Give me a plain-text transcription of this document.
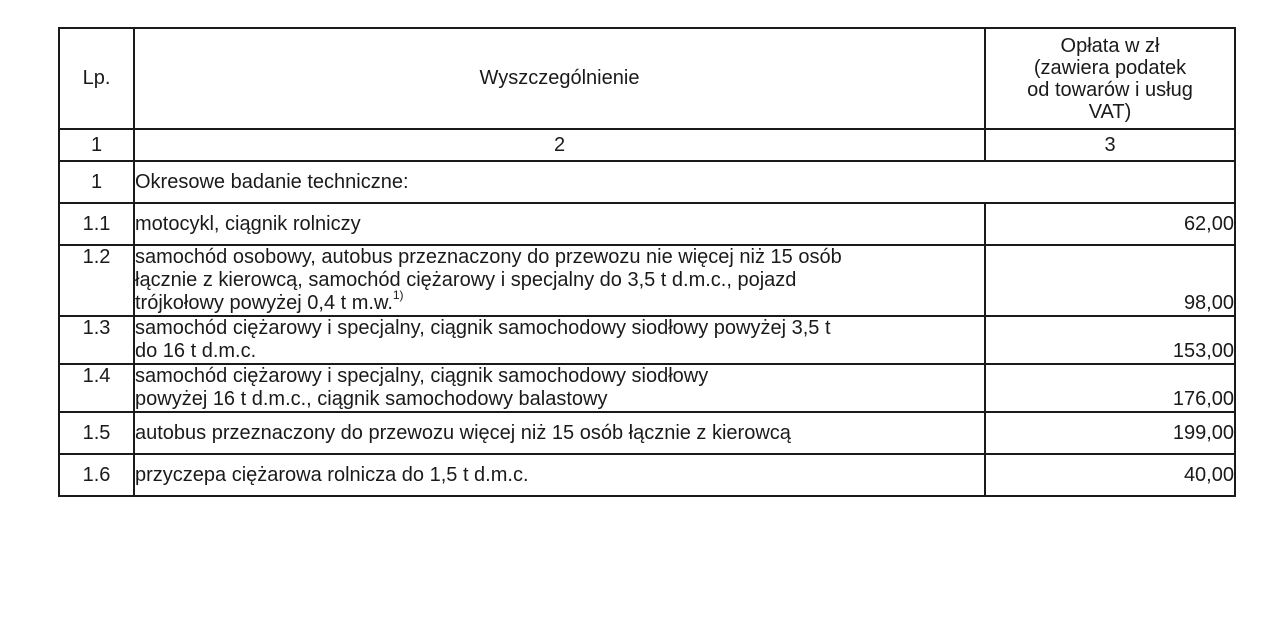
Lp.	Wyszczególnienie	Opłata w zł
(zawiera podatek
od towarów i usług
VAT)

1	2	3
1	Okresowe badanie techniczne:	
1.1	motocykl, ciągnik rolniczy	62,00
1.2	samochód osobowy, autobus przeznaczony do przewozu nie więcej niż 15 osób
łącznie z kierowcą, samochód ciężarowy i specjalny do 3,5 t d.m.c., pojazd
trójkołowy powyżej 0,4 t m.w.$^{1)}$	98,00
1.3	samochód ciężarowy i specjalny, ciągnik samochodowy siodłowy powyżej 3,5 t
do 16 t d.m.c.	153,00
1.4	samochód ciężarowy i specjalny, ciągnik samochodowy siodłowy
powyżej 16 t d.m.c., ciągnik samochodowy balastowy	176,00
1.5	autobus przeznaczony do przewozu więcej niż 15 osób łącznie z kierowcą	199,00
1.6	przyczepa ciężarowa rolnicza do 1,5 t d.m.c.	40,00
